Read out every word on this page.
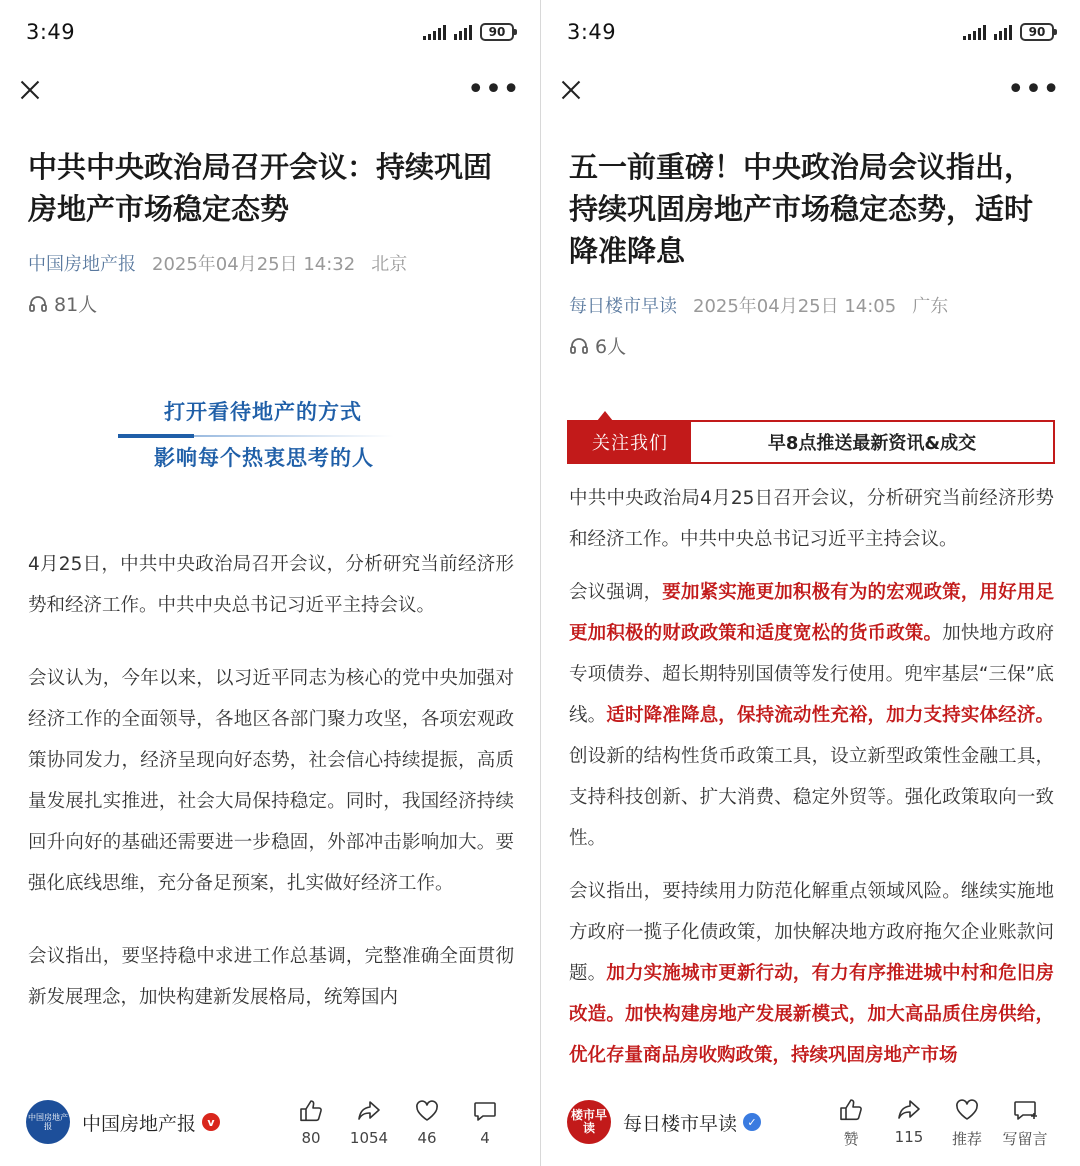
3:49	90
•••
中共中央政治局召开会议：持续巩固房地产市场稳定态势
中国房地产报 2025年04月25日 14:32 北京
81人
打开看待地产的方式
影响每个热衷思考的人

4月25日，中共中央政治局召开会议，分析研究当前经济形势和经济工作。中共中央总书记习近平主持会议。

会议认为，今年以来，以习近平同志为核心的党中央加强对经济工作的全面领导，各地区各部门聚力攻坚，各项宏观政策协同发力，经济呈现向好态势，社会信心持续提振，高质量发展扎实推进，社会大局保持稳定。同时，我国经济持续回升向好的基础还需要进一步稳固，外部冲击影响加大。要强化底线思维，充分备足预案，扎实做好经济工作。

会议指出，要坚持稳中求进工作总基调，完整准确全面贯彻新发展理念，加快构建新发展格局，统筹国内

中国房地产报	中国房地产报	v
80 1054 46	4
3:49	90
•••
五一前重磅！中央政治局会议指出，持续巩固房地产市场稳定态势，适时降准降息
每日楼市早读 2025年04月25日 14:05 广东
6人
关注我们	早8点推送最新资讯&成交

中共中央政治局4月25日召开会议，分析研究当前经济形势和经济工作。中共中央总书记习近平主持会议。

会议强调，要加紧实施更加积极有为的宏观政策，用好用足更加积极的财政政策和适度宽松的货币政策。加快地方政府专项债券、超长期特别国债等发行使用。兜牢基层“三保”底线。适时降准降息，保持流动性充裕，加力支持实体经济。创设新的结构性货币政策工具，设立新型政策性金融工具，支持科技创新、扩大消费、稳定外贸等。强化政策取向一致性。

会议指出，要持续用力防范化解重点领域风险。继续实施地方政府一揽子化债政策，加快解决地方政府拖欠企业账款问题。加力实施城市更新行动，有力有序推进城中村和危旧房改造。加快构建房地产发展新模式，加大高品质住房供给，优化存量商品房收购政策，持续巩固房地产市场

楼市早读	每日楼市早读 ✓
赞 115 推荐 写留言
